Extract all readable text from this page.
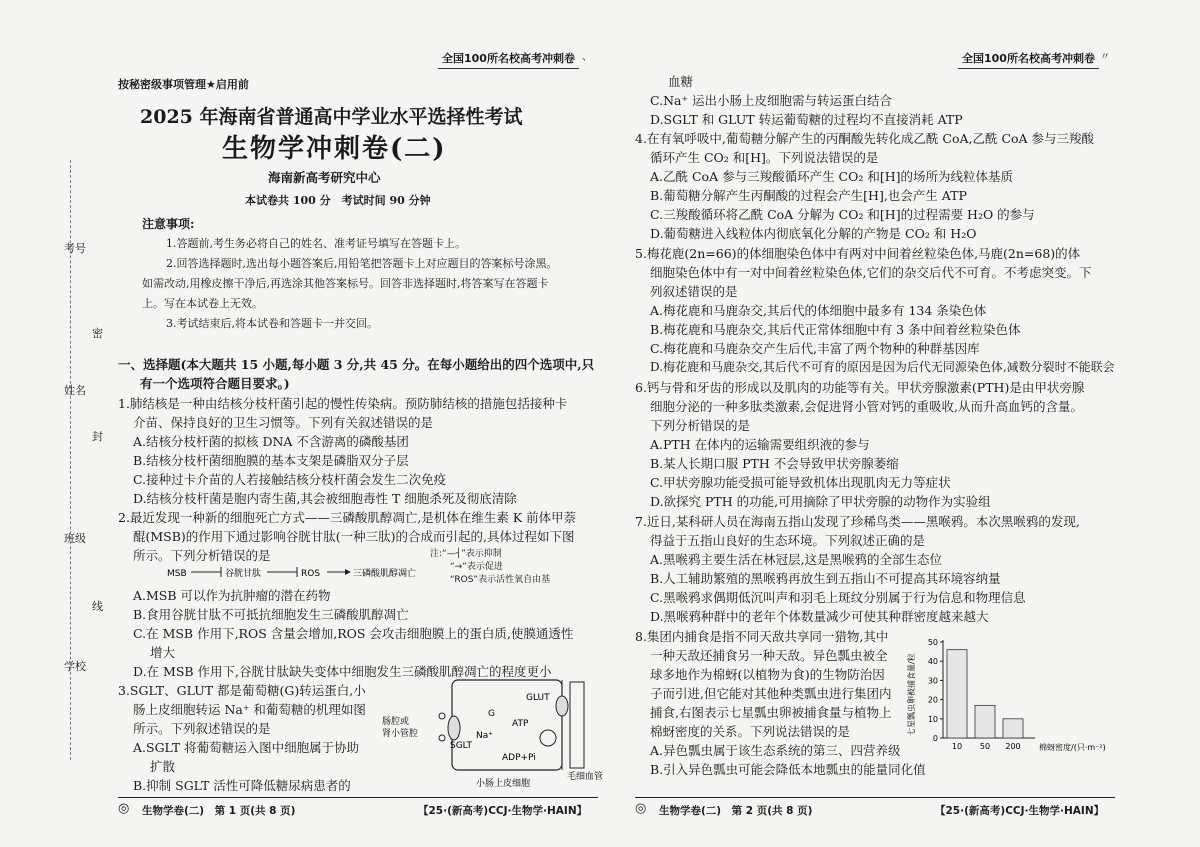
全国100所名校高考冲刺卷 、
按秘密级事项管理★启用前
2025 年海南省普通高中学业水平选择性考试
生物学冲刺卷(二)
海南新高考研究中心
本试卷共 100 分　考试时间 90 分钟
注意事项:
1.答题前,考生务必将自己的姓名、准考证号填写在答题卡上。
2.回答选择题时,选出每小题答案后,用铅笔把答题卡上对应题目的答案标号涂黑。
如需改动,用橡皮擦干净后,再选涂其他答案标号。回答非选择题时,将答案写在答题卡
上。写在本试卷上无效。
3.考试结束后,将本试卷和答题卡一并交回。
考号
密
姓名
封
班级
线
学校
一、选择题(本大题共 15 小题,每小题 3 分,共 45 分。在每小题给出的四个选项中,只
有一个选项符合题目要求。)
1.肺结核是一种由结核分枝杆菌引起的慢性传染病。预防肺结核的措施包括接种卡
介苗、保持良好的卫生习惯等。下列有关叙述错误的是
A.结核分枝杆菌的拟核 DNA 不含游离的磷酸基团
B.结核分枝杆菌细胞膜的基本支架是磷脂双分子层
C.接种过卡介苗的人若接触结核分枝杆菌会发生二次免疫
D.结核分枝杆菌是胞内寄生菌,其会被细胞毒性 T 细胞杀死及彻底清除
2.最近发现一种新的细胞死亡方式——三磷酸肌醇凋亡,是机体在维生素 K 前体甲萘
醌(MSB)的作用下通过影响谷胱甘肽(一种三肽)的合成而引起的,具体过程如下图
所示。下列分析错误的是
MSB	谷胱甘肽	ROS	三磷酸肌醇凋亡
注:“—┤”表示抑制
“→”表示促进
“ROS”表示活性氧自由基
A.MSB 可以作为抗肿瘤的潜在药物
B.食用谷胱甘肽不可抵抗细胞发生三磷酸肌醇凋亡
C.在 MSB 作用下,ROS 含量会增加,ROS 会攻击细胞膜上的蛋白质,使膜通透性
增大
D.在 MSB 作用下,谷胱甘肽缺失变体中细胞发生三磷酸肌醇凋亡的程度更小
3.SGLT、GLUT 都是葡萄糖(G)转运蛋白,小
肠上皮细胞转运 Na⁺ 和葡萄糖的机理如图
所示。下列叙述错误的是
A.SGLT 将葡萄糖运入图中细胞属于协助
扩散
B.抑制 SGLT 活性可降低糖尿病患者的
肠腔或
肾小管腔
SGLT
G
Na⁺
GLUT
ATP
ADP+Pi
毛细血管
小肠上皮细胞
◎ 生物学卷(二)　第 1 页(共 8 页)	【25·(新高考)CCJ·生物学·HAIN】
全国100所名校高考冲刺卷 〃
血糖
C.Na⁺ 运出小肠上皮细胞需与转运蛋白结合
D.SGLT 和 GLUT 转运葡萄糖的过程均不直接消耗 ATP
4.在有氧呼吸中,葡萄糖分解产生的丙酮酸先转化成乙酰 CoA,乙酰 CoA 参与三羧酸
循环产生 CO₂ 和[H]。下列说法错误的是
A.乙酰 CoA 参与三羧酸循环产生 CO₂ 和[H]的场所为线粒体基质
B.葡萄糖分解产生丙酮酸的过程会产生[H],也会产生 ATP
C.三羧酸循环将乙酰 CoA 分解为 CO₂ 和[H]的过程需要 H₂O 的参与
D.葡萄糖进入线粒体内彻底氧化分解的产物是 CO₂ 和 H₂O
5.梅花鹿(2n=66)的体细胞染色体中有两对中间着丝粒染色体,马鹿(2n=68)的体
细胞染色体中有一对中间着丝粒染色体,它们的杂交后代不可育。不考虑突变。下
列叙述错误的是
A.梅花鹿和马鹿杂交,其后代的体细胞中最多有 134 条染色体
B.梅花鹿和马鹿杂交,其后代正常体细胞中有 3 条中间着丝粒染色体
C.梅花鹿和马鹿杂交产生后代,丰富了两个物种的种群基因库
D.梅花鹿和马鹿杂交,其后代不可育的原因是因为后代无同源染色体,减数分裂时不能联会
6.钙与骨和牙齿的形成以及肌肉的功能等有关。甲状旁腺激素(PTH)是由甲状旁腺
细胞分泌的一种多肽类激素,会促进肾小管对钙的重吸收,从而升高血钙的含量。
下列分析错误的是
A.PTH 在体内的运输需要组织液的参与
B.某人长期口服 PTH 不会导致甲状旁腺萎缩
C.甲状旁腺功能受损可能导致机体出现肌肉无力等症状
D.欲探究 PTH 的功能,可用摘除了甲状旁腺的动物作为实验组
7.近日,某科研人员在海南五指山发现了珍稀鸟类——黑喉鸦。本次黑喉鸦的发现,
得益于五指山良好的生态环境。下列叙述正确的是
A.黑喉鸦主要生活在林冠层,这是黑喉鸦的全部生态位
B.人工辅助繁殖的黑喉鸦再放生到五指山不可提高其环境容纳量
C.黑喉鸦求偶期低沉叫声和羽毛上斑纹分别属于行为信息和物理信息
D.黑喉鸦种群中的老年个体数量减少可使其种群密度越来越大
8.集团内捕食是指不同天敌共享同一猎物,其中
一种天敌还捕食另一种天敌。异色瓢虫被全
球多地作为棉蚜(以植物为食)的生物防治因
子而引进,但它能对其他种类瓢虫进行集团内
捕食,右图表示七星瓢虫卵被捕食量与植物上
棉蚜密度的关系。下列说法错误的是
A.异色瓢虫属于该生态系统的第三、四营养级
B.引入异色瓢虫可能会降低本地瓢虫的能量同化值
七星瓢虫卵被捕食量/粒
0
10
20
30
40
50
10 50 200 棉蚜密度/(只·m⁻²)
◎ 生物学卷(二)　第 2 页(共 8 页)	【25·(新高考)CCJ·生物学·HAIN】
